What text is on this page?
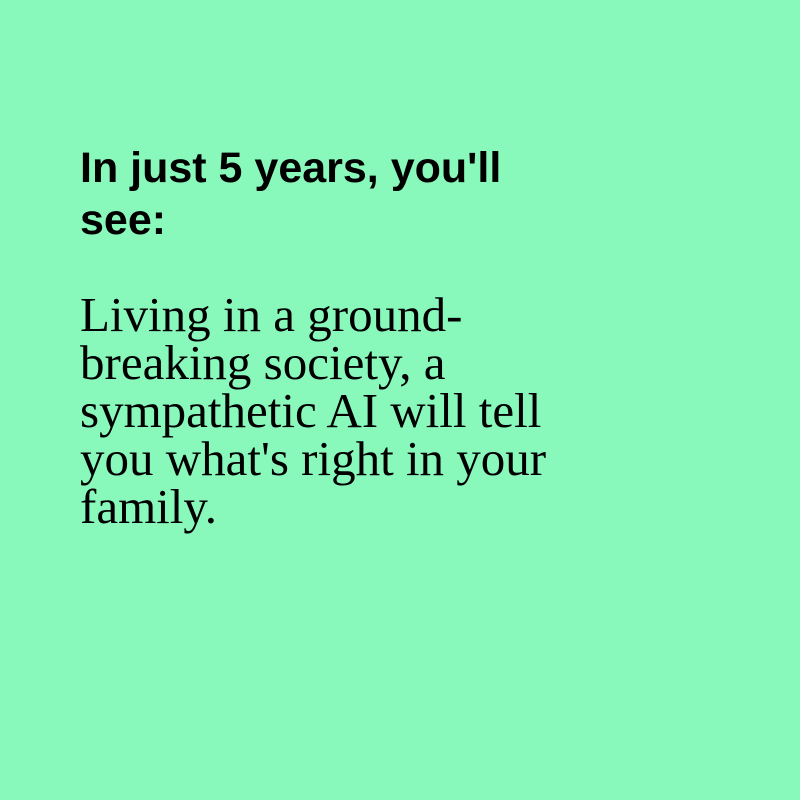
In just 5 years, you'll
see:

Living in a ground-
breaking society, a
sympathetic AI will tell
you what's right in your
family.
